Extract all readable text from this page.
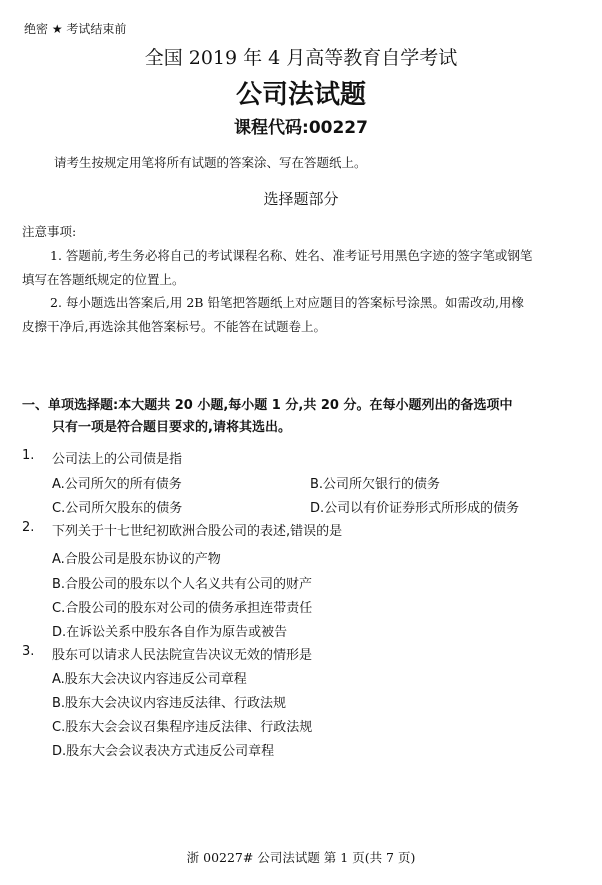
绝密 ★ 考试结束前
全国 2019 年 4 月高等教育自学考试
公司法试题
课程代码:00227
请考生按规定用笔将所有试题的答案涂、写在答题纸上。
选择题部分
注意事项:
1. 答题前,考生务必将自己的考试课程名称、姓名、准考证号用黑色字迹的签字笔或钢笔
填写在答题纸规定的位置上。
2. 每小题选出答案后,用 2B 铅笔把答题纸上对应题目的答案标号涂黑。如需改动,用橡
皮擦干净后,再选涂其他答案标号。不能答在试题卷上。
一、单项选择题:本大题共 20 小题,每小题 1 分,共 20 分。在每小题列出的备选项中
只有一项是符合题目要求的,请将其选出。
1. 公司法上的公司债是指
A.公司所欠的所有债务	B.公司所欠银行的债务
C.公司所欠股东的债务	D.公司以有价证券形式所形成的债务
2. 下列关于十七世纪初欧洲合股公司的表述,错误的是
A.合股公司是股东协议的产物
B.合股公司的股东以个人名义共有公司的财产
C.合股公司的股东对公司的债务承担连带责任
D.在诉讼关系中股东各自作为原告或被告
3. 股东可以请求人民法院宣告决议无效的情形是
A.股东大会决议内容违反公司章程
B.股东大会决议内容违反法律、行政法规
C.股东大会会议召集程序违反法律、行政法规
D.股东大会会议表决方式违反公司章程
浙 00227# 公司法试题 第 1 页(共 7 页)
